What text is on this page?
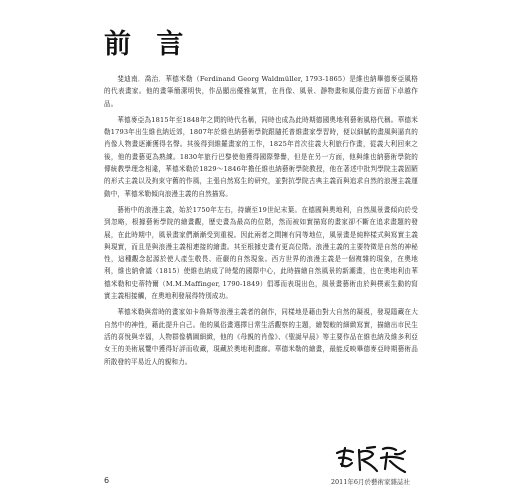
前 言

斐迪南．喬治．華德米勒（Ferdinand Georg Waldmüller, 1793-1865）是維也納畢德麥亞風格的代表畫家。他的畫筆簡潔明快，作品顯出優雅氣質，在肖像、風景、靜物畫和風俗畫方面留下卓越作品。

華德麥亞為1815年至1848年之間的時代名稱，同時也成為此時期德國奧地利藝術風格代稱。華德米勒1793年出生維也納近郊，1807年於維也納藝術學院跟隨托普維畫家學習時，便以細膩的畫風與逼真的肖像人物畫逐漸獲得名聲。其後得到維羅畫家的工作，1825年首次往義大利旅行作畫，從義大利回來之後，他的畫藝更為熟練。1830年旅行巴黎使他獲得國際聲譽，但是在另一方面，他與維也納藝術學院的傳統教學理念相違，華德米勒於1829～1846年擔任維也納藝術學院教授，他在著述中批判學院主義固陋的形式主義以及拘束守舊的作風，主張自然寫生的研究，並對抗學院古典主義而與追求自然的浪漫主義運動中，華德米勒傾向浪漫主義的自然描寫。

藝術中的浪漫主義，始於1750年左右，持續至19世紀末葉。在德國與奧地利，自然風景畫傾向於受到忽略，根據藝術學院的繪畫觀，歷史畫為最高的位階，然而被如實描寫的畫家卻不斷在追求畫題的發展，在此時期中，風景畫家們漸漸受到重視。因此兩者之間擁有同等地位，風景畫是純粹樣式與寫實主義與現實，而且是與浪漫主義相連接的繪畫。其至根據史畫有更高位階。浪漫主義的主要特徵是自然的神秘性，這種觀念起源於使人產生敬畏、莊嚴的自然現象。西方世界的浪漫主義是一個複雜的現象，在奧地利，維也納會議（1815）使維也納成了時髦的國際中心，此時描繪自然風景的新潮畫，也在奧地利由華德米勒和史蒂特爾（M.M.Maffinger, 1790-1849）倡導而表現出色，風景畫藝術由於與樸素生動的寫實主義相接觸，在奧地利發展得特別成功。

華德米勒與當時的畫家如卡魯斯等浪漫主義者的創作，同樣地是藉由對大自然的凝視，發現隱藏在大自然中的神性，藉此提升自己。他的風俗畫選擇日常生活觀察的主題，繪製較的細緻寫實，描繪出市民生活的喜悅與幸福，人物群像構圖細緻，他的《母親的肖像》、《聖誕早晨》等主要作品在維也納及維多利亞女王的美術展覽中獲得好評而收藏，現藏於奧地利畫廊。華德米勒的繪畫，最能反映畢德麥亞時期藝術品所散發的平易近人的親和力。

6	2011年6月於藝術家雜誌社
